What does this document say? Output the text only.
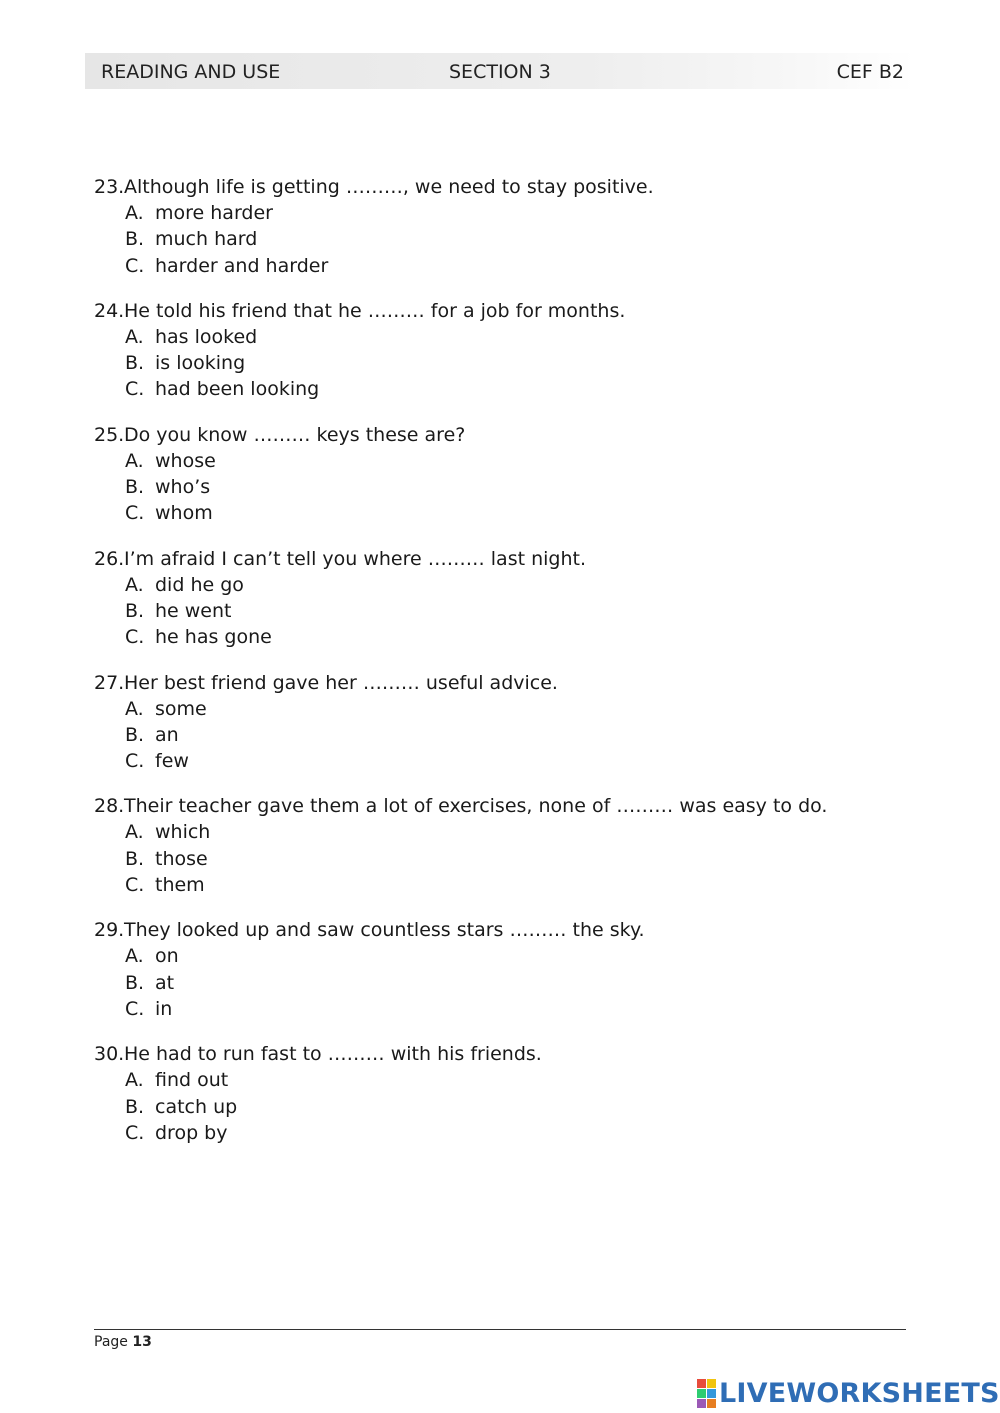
READING AND USE	SECTION 3	CEF B2
23.Although life is getting ………, we need to stay positive.
A. more harder
B. much hard
C. harder and harder
24.He told his friend that he ……… for a job for months.
A. has looked
B. is looking
C. had been looking
25.Do you know ……… keys these are?
A. whose
B. who’s
C. whom
26.I’m afraid I can’t tell you where ……… last night.
A. did he go
B. he went
C. he has gone
27.Her best friend gave her ……… useful advice.
A. some
B. an
C. few
28.Their teacher gave them a lot of exercises, none of ……… was easy to do.
A. which
B. those
C. them
29.They looked up and saw countless stars ……… the sky.
A. on
B. at
C. in
30.He had to run fast to ……… with his friends.
A. find out
B. catch up
C. drop by
Page 13
LIVEWORKSHEETS
